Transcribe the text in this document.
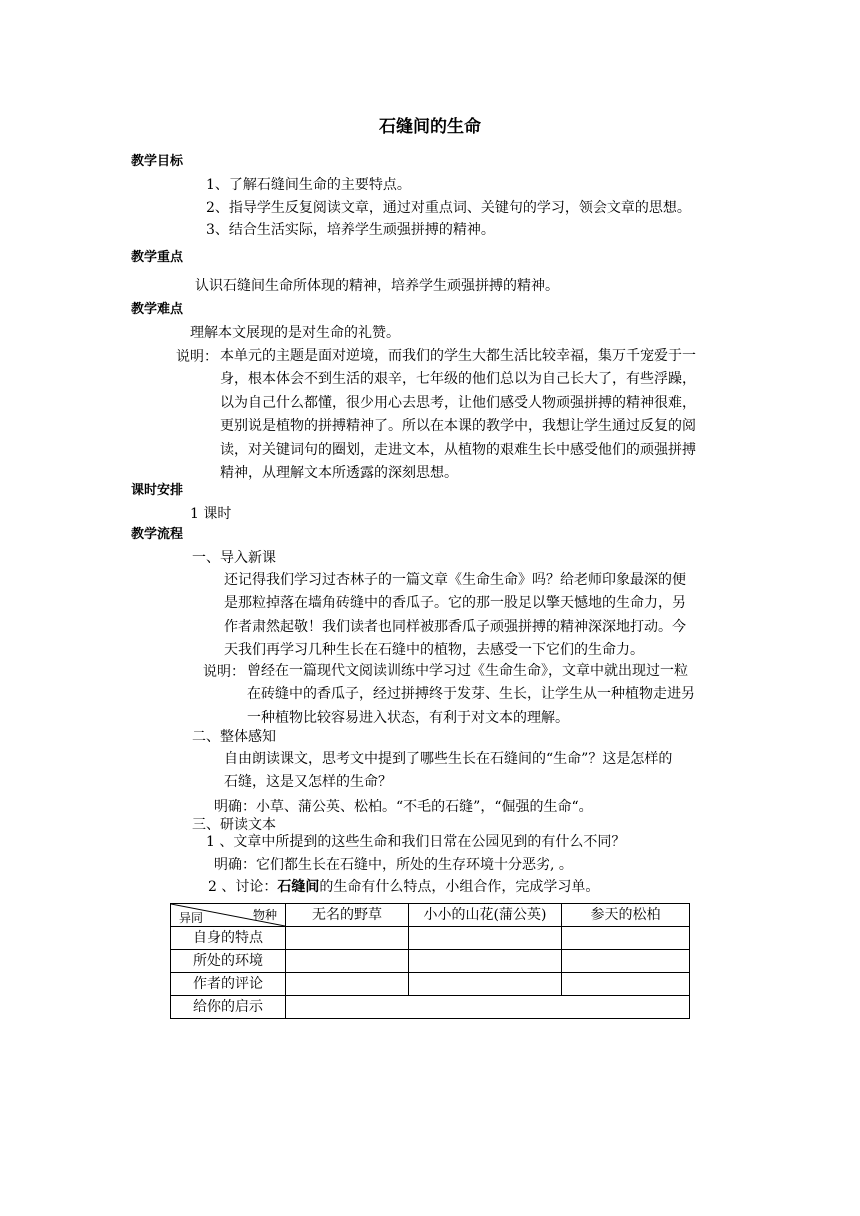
石缝间的生命
教学目标
1、了解石缝间生命的主要特点。
2、指导学生反复阅读文章，通过对重点词、关键句的学习，领会文章的思想。
3、结合生活实际，培养学生顽强拼搏的精神。
教学重点
认识石缝间生命所体现的精神，培养学生顽强拼搏的精神。
教学难点
理解本文展现的是对生命的礼赞。
说明： 本单元的主题是面对逆境，而我们的学生大都生活比较幸福，集万千宠爱于一

身，根本体会不到生活的艰辛，七年级的他们总以为自己长大了，有些浮躁，

以为自己什么都懂，很少用心去思考，让他们感受人物顽强拼搏的精神很难，

更别说是植物的拼搏精神了。所以在本课的教学中，我想让学生通过反复的阅

读，对关键词句的圈划，走进文本，从植物的艰难生长中感受他们的顽强拼搏

精神，从理解文本所透露的深刻思想。

课时安排
1 课时
教学流程
一、导入新课

还记得我们学习过杏林子的一篇文章《生命生命》吗？给老师印象最深的便

是那粒掉落在墙角砖缝中的香瓜子。它的那一股足以擎天憾地的生命力，另

作者肃然起敬！我们读者也同样被那香瓜子顽强拼搏的精神深深地打动。今

天我们再学习几种生长在石缝中的植物，去感受一下它们的生命力。

说明： 曾经在一篇现代文阅读训练中学习过《生命生命》，文章中就出现过一粒

在砖缝中的香瓜子，经过拼搏终于发芽、生长，让学生从一种植物走进另

一种植物比较容易进入状态，有利于对文本的理解。

二、整体感知

自由朗读课文，思考文中提到了哪些生长在石缝间的“生命”？这是怎样的

石缝，这是又怎样的生命？

明确：小草、蒲公英、松柏。“不毛的石缝”，“倔强的生命“。
三、研读文本
1 、文章中所提到的这些生命和我们日常在公园见到的有什么不同？
明确：它们都生长在石缝中，所处的生存环境十分恶劣, 。
2 、讨论：石缝间的生命有什么特点，小组合作，完成学习单。
异同 物种	无名的野草	小小的山花(蒲公英)	参天的松柏
自身的特点			
所处的环境			
作者的评论			
给你的启示			
